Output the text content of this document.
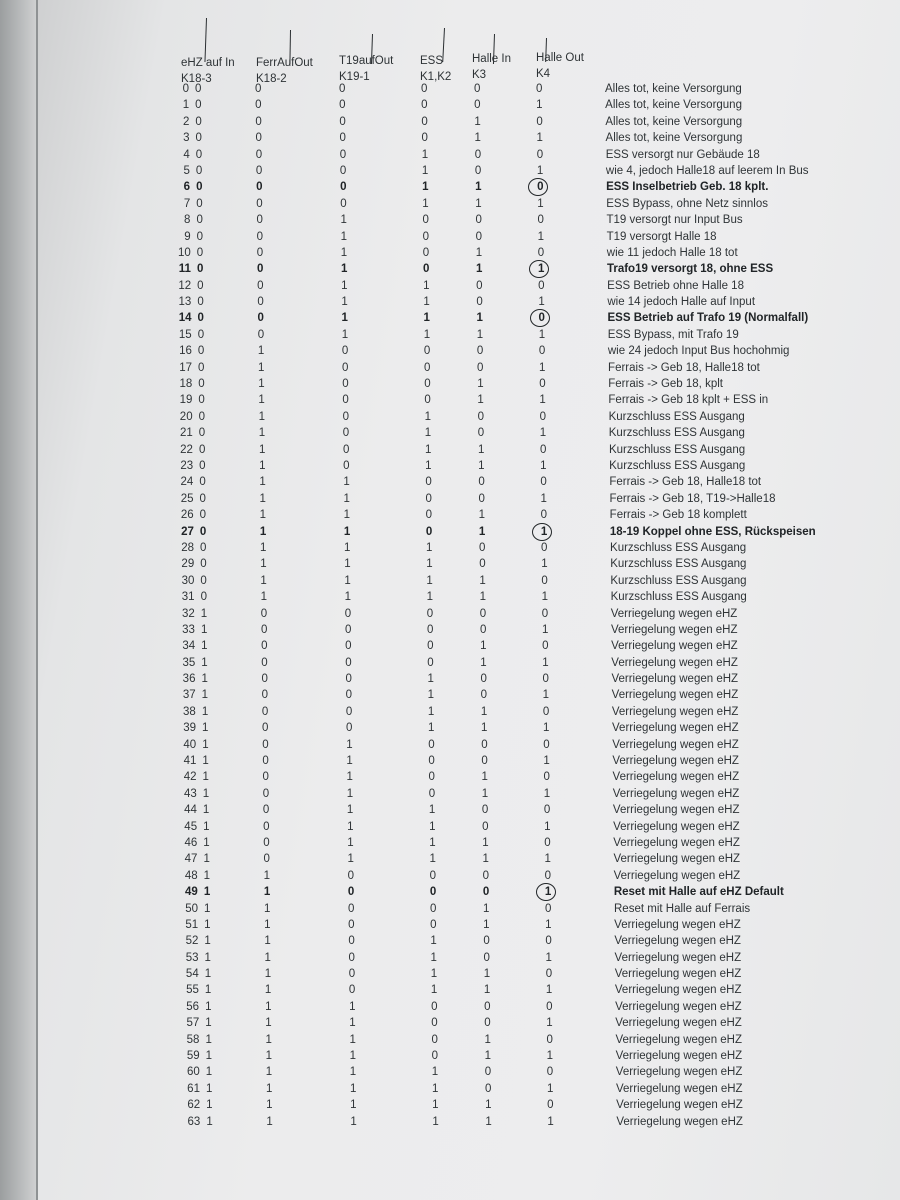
eHZ auf In
K18-3
FerrAufOut
K18-2
T19aufOut
K19-1
ESS
K1,K2
Halle In
K3
Halle Out
K4
0 0	0	0	0	0	0	Alles tot, keine Versorgung
1 0	0	0	0	0	1	Alles tot, keine Versorgung
2 0	0	0	0	1	0	Alles tot, keine Versorgung
3 0	0	0	0	1	1	Alles tot, keine Versorgung
4 0	0	0	1	0	0	ESS versorgt nur Gebäude 18
5 0	0	0	1	0	1	wie 4, jedoch Halle18 auf leerem In Bus
6 0	0	0	1	1	0	ESS Inselbetrieb Geb. 18 kplt.
7 0	0	0	1	1	1	ESS Bypass, ohne Netz sinnlos
8 0	0	1	0	0	0	T19 versorgt nur Input Bus
9 0	0	1	0	0	1	T19 versorgt Halle 18
10 0	0	1	0	1	0	wie 11 jedoch Halle 18 tot
11 0	0	1	0	1	1	Trafo19 versorgt 18, ohne ESS
12 0	0	1	1	0	0	ESS Betrieb ohne Halle 18
13 0	0	1	1	0	1	wie 14 jedoch Halle auf Input
14 0	0	1	1	1	0	ESS Betrieb auf Trafo 19 (Normalfall)
15 0	0	1	1	1	1	ESS Bypass, mit Trafo 19
16 0	1	0	0	0	0	wie 24 jedoch Input Bus hochohmig
17 0	1	0	0	0	1	Ferrais -> Geb 18, Halle18 tot
18 0	1	0	0	1	0	Ferrais -> Geb 18, kplt
19 0	1	0	0	1	1	Ferrais -> Geb 18 kplt + ESS in
20 0	1	0	1	0	0	Kurzschluss ESS Ausgang
21 0	1	0	1	0	1	Kurzschluss ESS Ausgang
22 0	1	0	1	1	0	Kurzschluss ESS Ausgang
23 0	1	0	1	1	1	Kurzschluss ESS Ausgang
24 0	1	1	0	0	0	Ferrais -> Geb 18, Halle18 tot
25 0	1	1	0	0	1	Ferrais -> Geb 18, T19->Halle18
26 0	1	1	0	1	0	Ferrais -> Geb 18 komplett
27 0	1	1	0	1	1	18-19 Koppel ohne ESS, Rückspeisen
28 0	1	1	1	0	0	Kurzschluss ESS Ausgang
29 0	1	1	1	0	1	Kurzschluss ESS Ausgang
30 0	1	1	1	1	0	Kurzschluss ESS Ausgang
31 0	1	1	1	1	1	Kurzschluss ESS Ausgang
32 1	0	0	0	0	0	Verriegelung wegen eHZ
33 1	0	0	0	0	1	Verriegelung wegen eHZ
34 1	0	0	0	1	0	Verriegelung wegen eHZ
35 1	0	0	0	1	1	Verriegelung wegen eHZ
36 1	0	0	1	0	0	Verriegelung wegen eHZ
37 1	0	0	1	0	1	Verriegelung wegen eHZ
38 1	0	0	1	1	0	Verriegelung wegen eHZ
39 1	0	0	1	1	1	Verriegelung wegen eHZ
40 1	0	1	0	0	0	Verriegelung wegen eHZ
41 1	0	1	0	0	1	Verriegelung wegen eHZ
42 1	0	1	0	1	0	Verriegelung wegen eHZ
43 1	0	1	0	1	1	Verriegelung wegen eHZ
44 1	0	1	1	0	0	Verriegelung wegen eHZ
45 1	0	1	1	0	1	Verriegelung wegen eHZ
46 1	0	1	1	1	0	Verriegelung wegen eHZ
47 1	0	1	1	1	1	Verriegelung wegen eHZ
48 1	1	0	0	0	0	Verriegelung wegen eHZ
49 1	1	0	0	0	1	Reset mit Halle auf eHZ Default
50 1	1	0	0	1	0	Reset mit Halle auf Ferrais
51 1	1	0	0	1	1	Verriegelung wegen eHZ
52 1	1	0	1	0	0	Verriegelung wegen eHZ
53 1	1	0	1	0	1	Verriegelung wegen eHZ
54 1	1	0	1	1	0	Verriegelung wegen eHZ
55 1	1	0	1	1	1	Verriegelung wegen eHZ
56 1	1	1	0	0	0	Verriegelung wegen eHZ
57 1	1	1	0	0	1	Verriegelung wegen eHZ
58 1	1	1	0	1	0	Verriegelung wegen eHZ
59 1	1	1	0	1	1	Verriegelung wegen eHZ
60 1	1	1	1	0	0	Verriegelung wegen eHZ
61 1	1	1	1	0	1	Verriegelung wegen eHZ
62 1	1	1	1	1	0	Verriegelung wegen eHZ
63 1	1	1	1	1	1	Verriegelung wegen eHZ
